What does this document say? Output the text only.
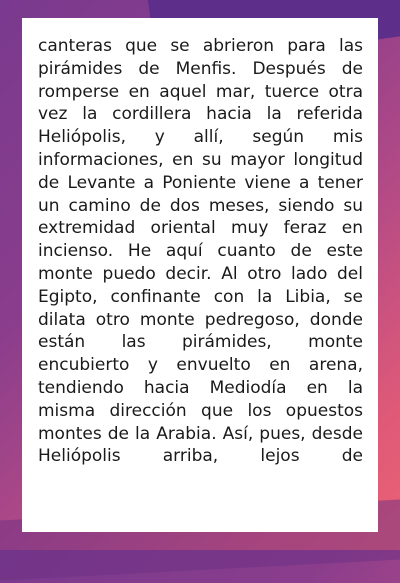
canteras que se abrieron para las pirámides de Menfis. Después de romperse en aquel mar, tuerce otra vez la cordillera hacia la referida Heliópolis, y allí, según mis informaciones, en su mayor longitud de Levante a Poniente viene a tener un camino de dos meses, siendo su extremidad oriental muy feraz en incienso. He aquí cuanto de este monte puedo decir. Al otro lado del Egipto, confinante con la Libia, se dilata otro monte pedregoso, donde están las pirámides, monte encubierto y envuelto en arena, tendiendo hacia Mediodía en la misma dirección que los opuestos montes de la Arabia. Así, pues, desde Heliópolis arriba, lejos de
